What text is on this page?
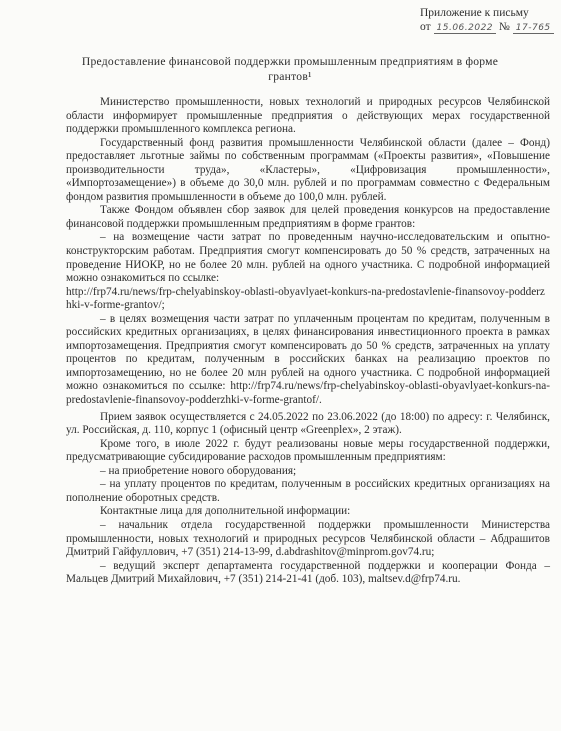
Приложение к письму
от 15.06.2022 № 17-765
Предоставление финансовой поддержки промышленным предприятиям в форме грантов¹

Министерство промышленности, новых технологий и природных ресурсов Челябинской области информирует промышленные предприятия о действующих мерах государственной поддержки промышленного комплекса региона.

Государственный фонд развития промышленности Челябинской области (далее – Фонд) предоставляет льготные займы по собственным программам («Проекты развития», «Повышение производительности труда», «Кластеры», «Цифровизация промышленности», «Импортозамещение») в объеме до 30,0 млн. рублей и по программам совместно с Федеральным фондом развития промышленности в объеме до 100,0 млн. рублей.

Также Фондом объявлен сбор заявок для целей проведения конкурсов на предоставление финансовой поддержки промышленным предприятиям в форме грантов:

– на возмещение части затрат по проведенным научно-исследовательским и опытно-конструкторским работам. Предприятия смогут компенсировать до 50 % средств, затраченных на проведение НИОКР, но не более 20 млн. рублей на одного участника. С подробной информацией можно ознакомиться по ссылке:

http://frp74.ru/news/frp-chelyabinskoy-oblasti-obyavlyaet-konkurs-na-predostavlenie-finansovoy-podderzhki-v-forme-grantov/;

– в целях возмещения части затрат по уплаченным процентам по кредитам, полученным в российских кредитных организациях, в целях финансирования инвестиционного проекта в рамках импортозамещения. Предприятия смогут компенсировать до 50 % средств, затраченных на уплату процентов по кредитам, полученным в российских банках на реализацию проектов по импортозамещению, но не более 20 млн рублей на одного участника. С подробной информацией можно ознакомиться по ссылке: http://frp74.ru/news/frp-chelyabinskoy-oblasti-obyavlyaet-konkurs-na-predostavlenie-finansovoy-podderzhki-v-forme-grantof/.

Прием заявок осуществляется с 24.05.2022 по 23.06.2022 (до 18:00) по адресу: г. Челябинск, ул. Российская, д. 110, корпус 1 (офисный центр «Greenplex», 2 этаж).

Кроме того, в июле 2022 г. будут реализованы новые меры государственной поддержки, предусматривающие субсидирование расходов промышленным предприятиям:

– на приобретение нового оборудования;

– на уплату процентов по кредитам, полученным в российских кредитных организациях на пополнение оборотных средств.

Контактные лица для дополнительной информации:

– начальник отдела государственной поддержки промышленности Министерства промышленности, новых технологий и природных ресурсов Челябинской области – Абдрашитов Дмитрий Гайфуллович, +7 (351) 214-13-99, d.abdrashitov@minprom.gov74.ru;

– ведущий эксперт департамента государственной поддержки и кооперации Фонда – Мальцев Дмитрий Михайлович, +7 (351) 214-21-41 (доб. 103), maltsev.d@frp74.ru.
